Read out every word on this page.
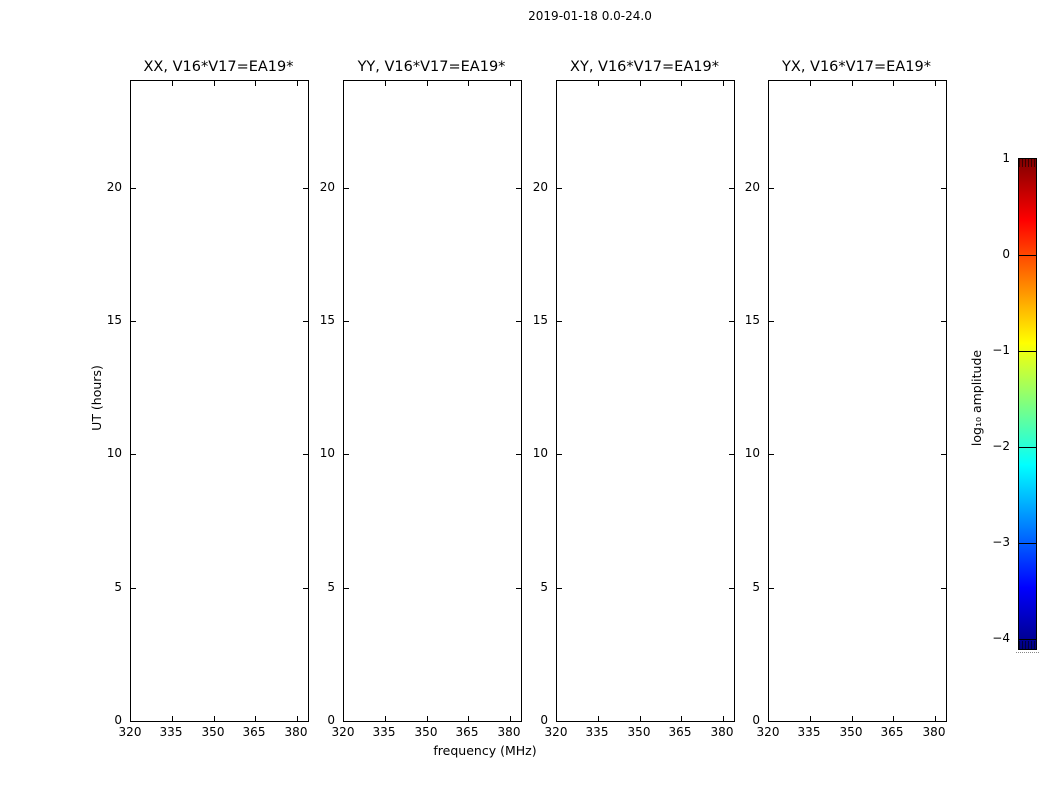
2019-01-18 0.0-24.0
frequency (MHz)
UT (hours)	log₁₀ amplitude
XX, V16*V17=EA19*
320	335	350	365	380
0
5
10
15
20
YY, V16*V17=EA19*
320	335	350	365	380
0
5
10
15
20
XY, V16*V17=EA19*
320	335	350	365	380
0
5
10
15
20
YX, V16*V17=EA19*
320	335	350	365	380
0
5
10
15
20
1
0
−1
−2
−3
−4
